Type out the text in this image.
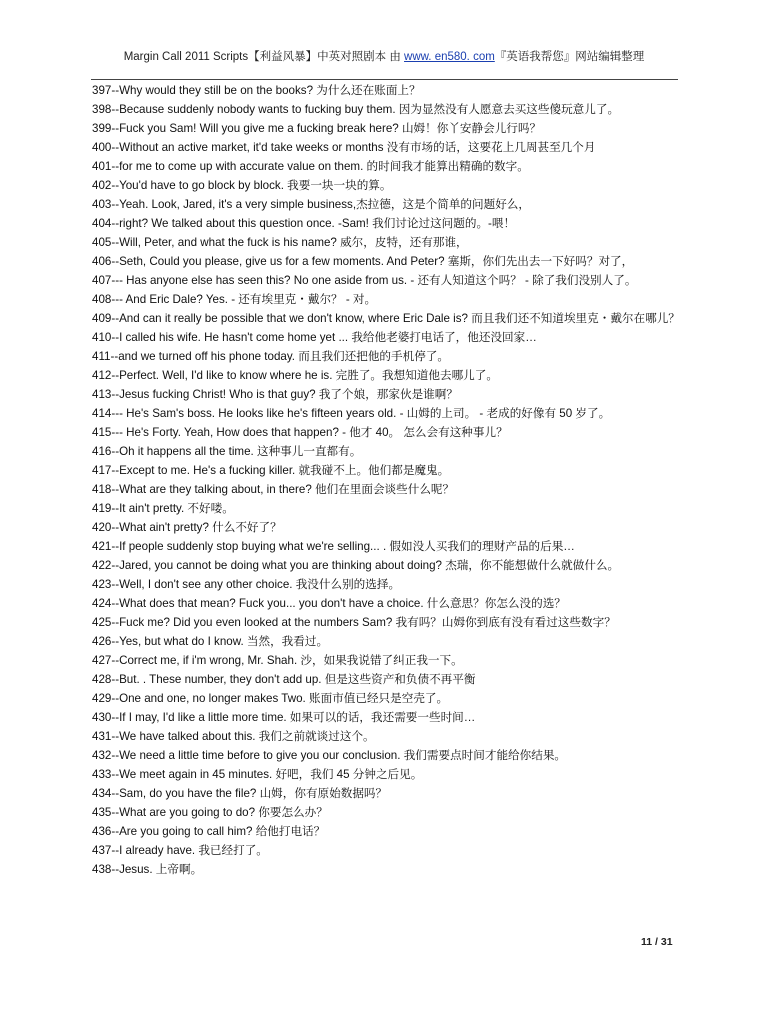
Margin Call 2011 Scripts【利益风暴】中英对照剧本 由 www. en580. com『英语我帮您』网站编辑整理
397--Why would they still be on the books? 为什么还在账面上？
398--Because suddenly nobody wants to fucking buy them. 因为显然没有人愿意去买这些傻玩意儿了。
399--Fuck you Sam! Will you give me a fucking break here? 山姆！你丫安静会儿行吗？
400--Without an active market, it'd take weeks or months 没有市场的话，这要花上几周甚至几个月
401--for me to come up with accurate value on them. 的时间我才能算出精确的数字。
402--You'd have to go block by block. 我要一块一块的算。
403--Yeah. Look, Jared, it's a very simple business,杰拉德，这是个简单的问题好么，
404--right? We talked about this question once. -Sam! 我们讨论过这问题的。-喂！
405--Will, Peter, and what the fuck is his name? 威尔，皮特，还有那谁，
406--Seth, Could you please, give us for a few moments. And Peter? 塞斯，你们先出去一下好吗？对了，
407--- Has anyone else has seen this? No one aside from us. - 还有人知道这个吗？ - 除了我们没别人了。
408--- And Eric Dale? Yes. - 还有埃里克・戴尔？ - 对。
409--And can it really be possible that we don't know, where Eric Dale is? 而且我们还不知道埃里克・戴尔在哪儿？
410--I called his wife. He hasn't come home yet ... 我给他老婆打电话了，他还没回家…
411--and we turned off his phone today. 而且我们还把他的手机停了。
412--Perfect. Well, I'd like to know where he is. 完胜了。我想知道他去哪儿了。
413--Jesus fucking Christ! Who is that guy? 我了个娘，那家伙是谁啊？
414--- He's Sam's boss. He looks like he's fifteen years old. - 山姆的上司。 - 老成的好像有 50 岁了。
415--- He's Forty. Yeah, How does that happen? - 他才 40。 怎么会有这种事儿？
416--Oh it happens all the time. 这种事儿一直都有。
417--Except to me. He's a fucking killer. 就我碰不上。他们都是魔鬼。
418--What are they talking about, in there? 他们在里面会谈些什么呢？
419--It ain't pretty. 不好喽。
420--What ain't pretty? 什么不好了？
421--If people suddenly stop buying what we're selling... . 假如没人买我们的理财产品的后果…
422--Jared, you cannot be doing what you are thinking about doing? 杰瑞，你不能想做什么就做什么。
423--Well, I don't see any other choice. 我没什么别的选择。
424--What does that mean? Fuck you... you don't have a choice. 什么意思？你怎么没的选？
425--Fuck me? Did you even looked at the numbers Sam? 我有吗？山姆你到底有没有看过这些数字？
426--Yes, but what do I know. 当然，我看过。
427--Correct me, if i'm wrong, Mr. Shah. 沙，如果我说错了纠正我一下。
428--But. . These number, they don't add up. 但是这些资产和负债不再平衡
429--One and one, no longer makes Two. 账面市值已经只是空壳了。
430--If I may, I'd like a little more time. 如果可以的话，我还需要一些时间…
431--We have talked about this. 我们之前就谈过这个。
432--We need a little time before to give you our conclusion. 我们需要点时间才能给你结果。
433--We meet again in 45 minutes. 好吧，我们 45 分钟之后见。
434--Sam, do you have the file? 山姆，你有原始数据吗？
435--What are you going to do? 你要怎么办？
436--Are you going to call him? 给他打电话？
437--I already have. 我已经打了。
438--Jesus. 上帝啊。
11 / 31
